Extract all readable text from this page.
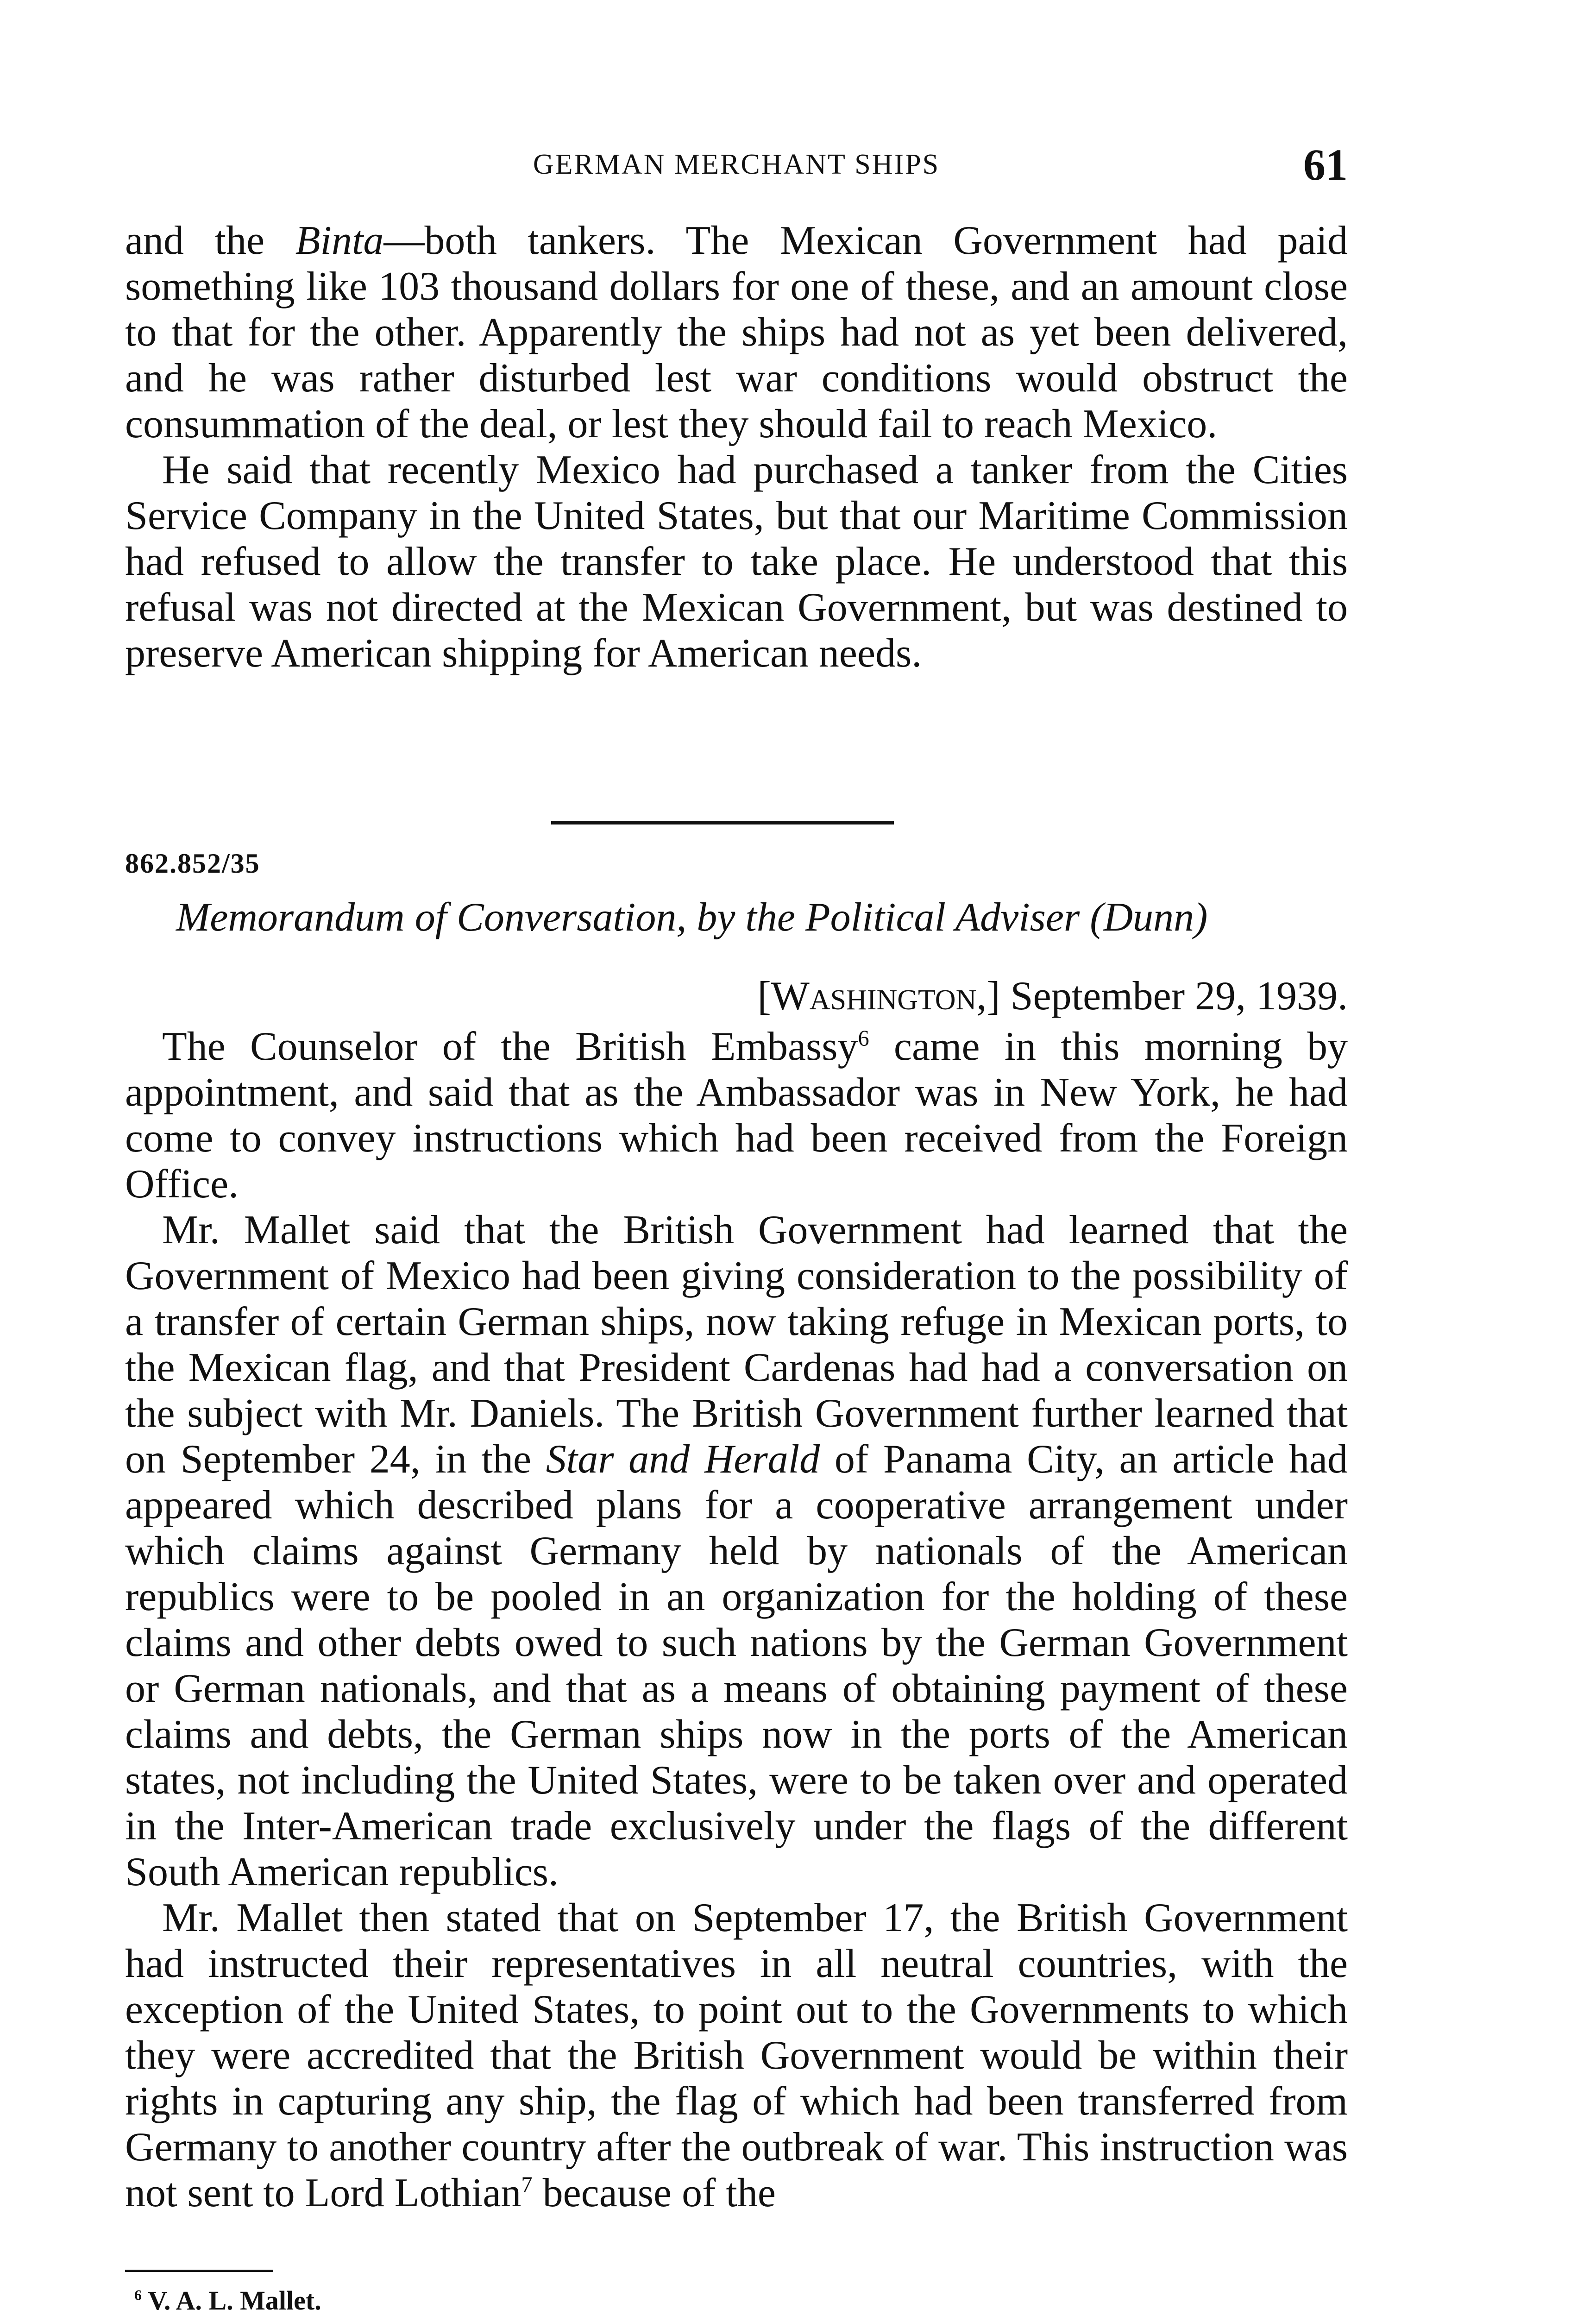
GERMAN MERCHANT SHIPS	61

and the Binta—both tankers. The Mexican Government had paid something like 103 thousand dollars for one of these, and an amount close to that for the other. Apparently the ships had not as yet been delivered, and he was rather disturbed lest war conditions would obstruct the consummation of the deal, or lest they should fail to reach Mexico.

He said that recently Mexico had purchased a tanker from the Cities Service Company in the United States, but that our Maritime Commission had refused to allow the transfer to take place. He understood that this refusal was not directed at the Mexican Government, but was destined to preserve American shipping for American needs.

862.852/35
Memorandum of Conversation, by the Political Adviser (Dunn)
[Washington,] September 29, 1939.

The Counselor of the British Embassy$^6$ came in this morning by appointment, and said that as the Ambassador was in New York, he had come to convey instructions which had been received from the Foreign Office.

Mr. Mallet said that the British Government had learned that the Government of Mexico had been giving consideration to the possibility of a transfer of certain German ships, now taking refuge in Mexican ports, to the Mexican flag, and that President Cardenas had had a conversation on the subject with Mr. Daniels. The British Government further learned that on September 24, in the Star and Herald of Panama City, an article had appeared which described plans for a cooperative arrangement under which claims against Germany held by nationals of the American republics were to be pooled in an organization for the holding of these claims and other debts owed to such nations by the German Government or German nationals, and that as a means of obtaining payment of these claims and debts, the German ships now in the ports of the American states, not including the United States, were to be taken over and operated in the Inter-American trade exclusively under the flags of the different South American republics.

Mr. Mallet then stated that on September 17, the British Government had instructed their representatives in all neutral countries, with the exception of the United States, to point out to the Governments to which they were accredited that the British Government would be within their rights in capturing any ship, the flag of which had been transferred from Germany to another country after the outbreak of war. This instruction was not sent to Lord Lothian$^7$ because of the

$^6$ V. A. L. Mallet.
